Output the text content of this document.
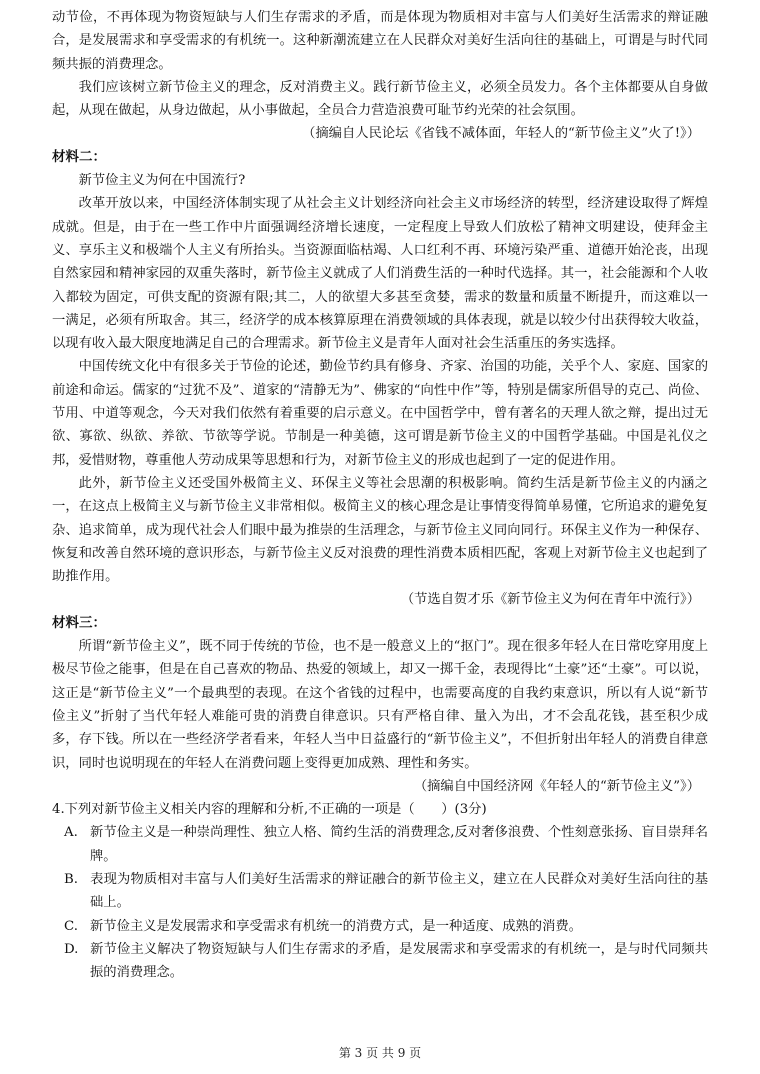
动节俭，不再体现为物资短缺与人们生存需求的矛盾，而是体现为物质相对丰富与人们美好生活需求的辩证融合，是发展需求和享受需求的有机统一。这种新潮流建立在人民群众对美好生活向往的基础上，可谓是与时代同频共振的消费理念。

我们应该树立新节俭主义的理念，反对消费主义。践行新节俭主义，必须全员发力。各个主体都要从自身做起，从现在做起，从身边做起，从小事做起，全员合力营造浪费可耻节约光荣的社会氛围。

（摘编自人民论坛《省钱不减体面，年轻人的“新节俭主义”火了!》）

材料二：

新节俭主义为何在中国流行?

改革开放以来，中国经济体制实现了从社会主义计划经济向社会主义市场经济的转型，经济建设取得了辉煌成就。但是，由于在一些工作中片面强调经济增长速度，一定程度上导致人们放松了精神文明建设，使拜金主义、享乐主义和极端个人主义有所抬头。当资源面临枯竭、人口红利不再、环境污染严重、道德开始沦丧，出现自然家园和精神家园的双重失落时，新节俭主义就成了人们消费生活的一种时代选择。其一，社会能源和个人收入都较为固定，可供支配的资源有限;其二，人的欲望大多甚至贪婪，需求的数量和质量不断提升，而这难以一一满足，必须有所取舍。其三，经济学的成本核算原理在消费领域的具体表现，就是以较少付出获得较大收益，以现有收入最大限度地满足自己的合理需求。新节俭主义是青年人面对社会生活重压的务实选择。

中国传统文化中有很多关于节俭的论述，勤俭节约具有修身、齐家、治国的功能，关乎个人、家庭、国家的前途和命运。儒家的“过犹不及”、道家的“清静无为”、佛家的“向性中作”等，特别是儒家所倡导的克己、尚俭、节用、中道等观念，今天对我们依然有着重要的启示意义。在中国哲学中，曾有著名的天理人欲之辩，提出过无欲、寡欲、纵欲、养欲、节欲等学说。节制是一种美德，这可谓是新节俭主义的中国哲学基础。中国是礼仪之邦，爱惜财物，尊重他人劳动成果等思想和行为，对新节俭主义的形成也起到了一定的促进作用。

此外，新节俭主义还受国外极简主义、环保主义等社会思潮的积极影响。简约生活是新节俭主义的内涵之一，在这点上极简主义与新节俭主义非常相似。极简主义的核心理念是让事情变得简单易懂，它所追求的避免复杂、追求简单，成为现代社会人们眼中最为推崇的生活理念，与新节俭主义同向同行。环保主义作为一种保存、恢复和改善自然环境的意识形态，与新节俭主义反对浪费的理性消费本质相匹配，客观上对新节俭主义也起到了助推作用。

（节选自贺才乐《新节俭主义为何在青年中流行》）

材料三：

所谓“新节俭主义”，既不同于传统的节俭，也不是一般意义上的“抠门”。现在很多年轻人在日常吃穿用度上极尽节俭之能事，但是在自己喜欢的物品、热爱的领域上，却又一掷千金，表现得比“土豪”还“土豪”。可以说，这正是“新节俭主义”一个最典型的表现。在这个省钱的过程中，也需要高度的自我约束意识，所以有人说“新节俭主义”折射了当代年轻人难能可贵的消费自律意识。只有严格自律、量入为出，才不会乱花钱，甚至积少成多，存下钱。所以在一些经济学者看来，年轻人当中日益盛行的“新节俭主义”，不但折射出年轻人的消费自律意识，同时也说明现在的年轻人在消费问题上变得更加成熟、理性和务实。

（摘编自中国经济网《年轻人的“新节俭主义”》）

4.下列对新节俭主义相关内容的理解和分析,不正确的一项是（　　）(3分)

A. 新节俭主义是一种崇尚理性、独立人格、简约生活的消费理念,反对奢侈浪费、个性刻意张扬、盲目崇拜名牌。
B. 表现为物质相对丰富与人们美好生活需求的辩证融合的新节俭主义，建立在人民群众对美好生活向往的基础上。
C. 新节俭主义是发展需求和享受需求有机统一的消费方式，是一种适度、成熟的消费。
D. 新节俭主义解决了物资短缺与人们生存需求的矛盾，是发展需求和享受需求的有机统一，是与时代同频共振的消费理念。
第 3 页 共 9 页
